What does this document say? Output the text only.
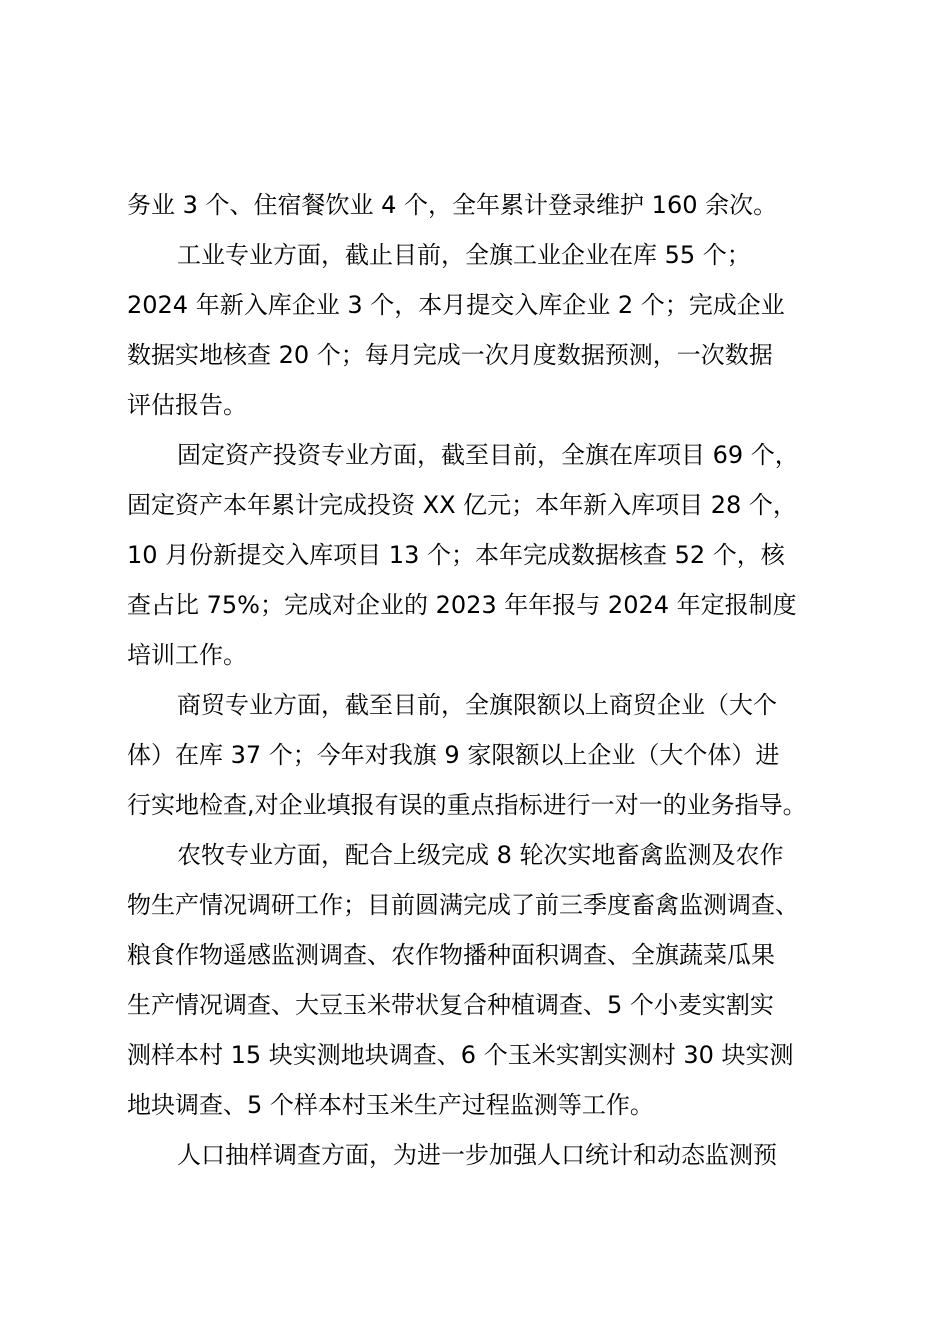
务业 3 个、住宿餐饮业 4 个，全年累计登录维护 160 余次。
工业专业方面，截止目前，全旗工业企业在库 55 个；
2024 年新入库企业 3 个，本月提交入库企业 2 个；完成企业
数据实地核查 20 个；每月完成一次月度数据预测，一次数据
评估报告。
固定资产投资专业方面，截至目前，全旗在库项目 69 个，
固定资产本年累计完成投资 XX 亿元；本年新入库项目 28 个，
10 月份新提交入库项目 13 个；本年完成数据核查 52 个，核
查占比 75%；完成对企业的 2023 年年报与 2024 年定报制度
培训工作。
商贸专业方面，截至目前，全旗限额以上商贸企业（大个
体）在库 37 个；今年对我旗 9 家限额以上企业（大个体）进
行实地检查,对企业填报有误的重点指标进行一对一的业务指导。
农牧专业方面，配合上级完成 8 轮次实地畜禽监测及农作
物生产情况调研工作；目前圆满完成了前三季度畜禽监测调查、
粮食作物遥感监测调查、农作物播种面积调查、全旗蔬菜瓜果
生产情况调查、大豆玉米带状复合种植调查、5 个小麦实割实
测样本村 15 块实测地块调查、6 个玉米实割实测村 30 块实测
地块调查、5 个样本村玉米生产过程监测等工作。
人口抽样调查方面，为进一步加强人口统计和动态监测预
